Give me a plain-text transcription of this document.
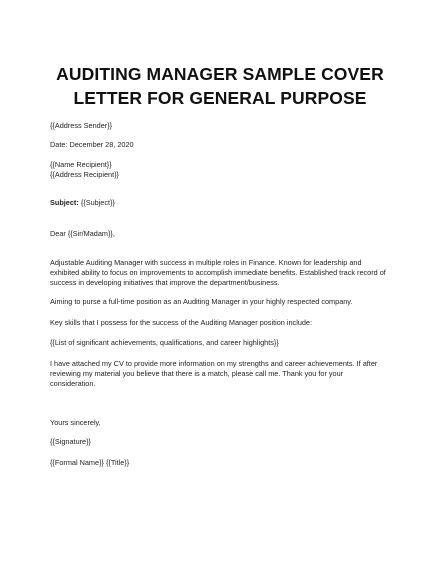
AUDITING MANAGER SAMPLE COVER
LETTER FOR GENERAL PURPOSE

{{Address Sender}}

Date: December 28, 2020

{{Name Recipient}}

{{Address Recipient}}

Subject: {{Subject}}

Dear {{Sir/Madam}},

Adjustable Auditing Manager with success in multiple roles in Finance. Known for leadership and

exhibited ability to focus on improvements to accomplish immediate benefits. Established track record of

success in developing initiatives that improve the department/business.

Aiming to purse a full-time position as an Auditing Manager in your highly respected company.

Key skills that I possess for the success of the Auditing Manager position include:

{{List of significant achievements, qualifications, and career highlights}}

I have attached my CV to provide more information on my strengths and career achievements. If after

reviewing my material you believe that there is a match, please call me. Thank you for your

consideration.

Yours sincerely,

{{Signature}}

{{Formal Name}} {{Title}}
